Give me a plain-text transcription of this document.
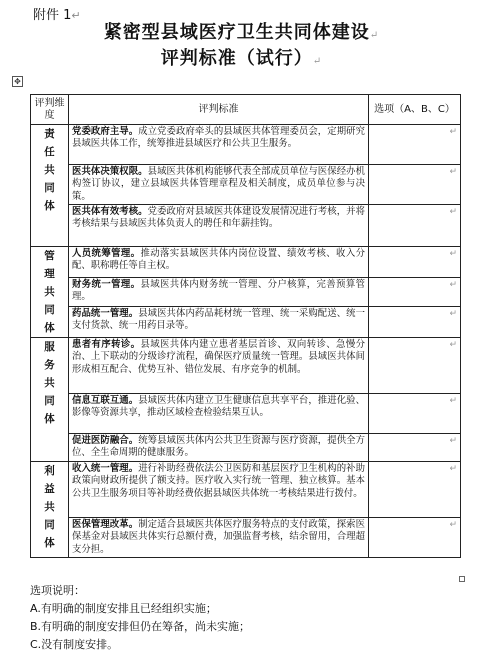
附件 1↵
紧密型县域医疗卫生共同体建设↵
评判标准（试行）↵
✥
评判维度	评判标准	选项（A、B、C）
责任共同体	党委政府主导。成立党委政府牵头的县域医共体管理委员会，定期研究县域医共体工作，统筹推进县域医疗和公共卫生服务。	↵
	医共体决策权限。县域医共体机构能够代表全部成员单位与医保经办机构签订协议，建立县域医共体管理章程及相关制度，成员单位参与决策。	↵
	医共体有效考核。党委政府对县域医共体建设发展情况进行考核，并将考核结果与县域医共体负责人的聘任和年薪挂钩。	↵
管理共同体	人员统筹管理。推动落实县域医共体内岗位设置、绩效考核、收入分配、职称聘任等自主权。	↵
	财务统一管理。县域医共体内财务统一管理、分户核算，完善预算管理。	↵
	药品统一管理。县域医共体内药品耗材统一管理、统一采购配送、统一支付货款、统一用药目录等。	↵
服务共同体	患者有序转诊。县域医共体内建立患者基层首诊、双向转诊、急慢分治、上下联动的分级诊疗流程，确保医疗质量统一管理。县域医共体间形成相互配合、优势互补、错位发展、有序竞争的机制。	↵
	信息互联互通。县域医共体内建立卫生健康信息共享平台，推进化验、影像等资源共享，推动区域检查检验结果互认。	↵
	促进医防融合。统筹县域医共体内公共卫生资源与医疗资源，提供全方位、全生命周期的健康服务。	↵
利益共同体	收入统一管理。进行补助经费依法公卫医防和基层医疗卫生机构的补助政策向财政所提供了额支持。医疗收入实行统一管理、独立核算。基本公共卫生服务项目等补助经费依据县域医共体统一考核结果进行拨付。	↵
	医保管理改革。制定适合县域医共体医疗服务特点的支付政策，探索医保基金对县域医共体实行总额付费，加强监督考核，结余留用，合理超支分担。	↵
选项说明：
A.有明确的制度安排且已经组织实施；
B.有明确的制度安排但仍在筹备，尚未实施；
C.没有制度安排。
